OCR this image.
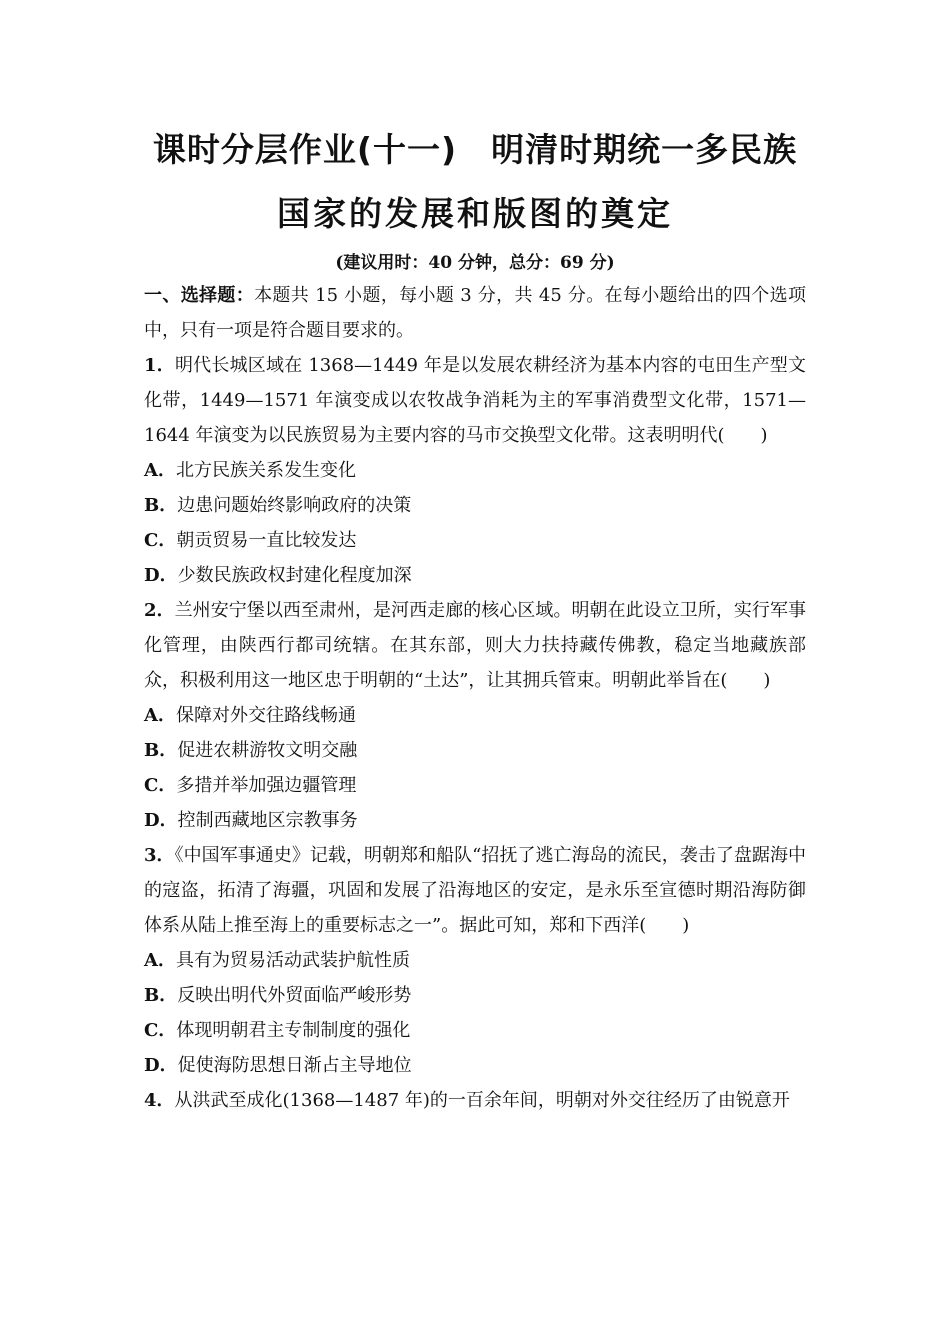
课时分层作业(十一)　明清时期统一多民族
国家的发展和版图的奠定
(建议用时：40 分钟，总分：69 分)

一、选择题：本题共 15 小题，每小题 3 分，共 45 分。在每小题给出的四个选项中，只有一项是符合题目要求的。

1．明代长城区域在 1368—1449 年是以发展农耕经济为基本内容的屯田生产型文化带，1449—1571 年演变成以农牧战争消耗为主的军事消费型文化带，1571—1644 年演变为以民族贸易为主要内容的马市交换型文化带。这表明明代(　　)

A．北方民族关系发生变化

B．边患问题始终影响政府的决策

C．朝贡贸易一直比较发达

D．少数民族政权封建化程度加深

2．兰州安宁堡以西至肃州，是河西走廊的核心区域。明朝在此设立卫所，实行军事化管理，由陕西行都司统辖。在其东部，则大力扶持藏传佛教，稳定当地藏族部众，积极利用这一地区忠于明朝的“土达”，让其拥兵管束。明朝此举旨在(　　)

A．保障对外交往路线畅通

B．促进农耕游牧文明交融

C．多措并举加强边疆管理

D．控制西藏地区宗教事务

3．《中国军事通史》记载，明朝郑和船队“招抚了逃亡海岛的流民，袭击了盘踞海中的寇盗，拓清了海疆，巩固和发展了沿海地区的安定，是永乐至宣德时期沿海防御体系从陆上推至海上的重要标志之一”。据此可知，郑和下西洋(　　)

A．具有为贸易活动武装护航性质

B．反映出明代外贸面临严峻形势

C．体现明朝君主专制制度的强化

D．促使海防思想日渐占主导地位

4．从洪武至成化(1368—1487 年)的一百余年间，明朝对外交往经历了由锐意开
